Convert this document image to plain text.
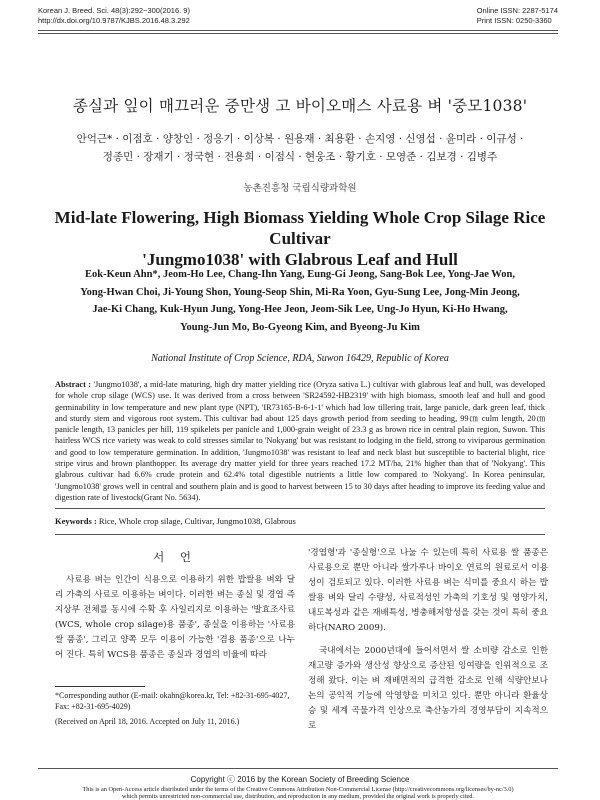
Korean J. Breed. Sci. 48(3):292~300(2016. 9)
http://dx.doi.org/10.9787/KJBS.2016.48.3.292
Online ISSN: 2287-5174
Print ISSN: 0250-3360
종실과 잎이 매끄러운 중만생 고 바이오매스 사료용 벼 '중모1038'
안억근* · 이점호 · 양창인 · 정응기 · 이상복 · 원용재 · 최용환 · 손지영 · 신영섭 · 윤미라 · 이규성 ·
정종민 · 장재기 · 정국현 · 전용희 · 이점식 · 현웅조 · 황기호 · 모영준 · 김보경 · 김병주
농촌진흥청 국립식량과학원
Mid-late Flowering, High Biomass Yielding Whole Crop Silage Rice Cultivar
'Jungmo1038' with Glabrous Leaf and Hull
Eok-Keun Ahn*, Jeom-Ho Lee, Chang-Ihn Yang, Eung-Gi Jeong, Sang-Bok Lee, Yong-Jae Won,
Yong-Hwan Choi, Ji-Young Shon, Young-Seop Shin, Mi-Ra Yoon, Gyu-Sung Lee, Jong-Min Jeong,
Jae-Ki Chang, Kuk-Hyun Jung, Yong-Hee Jeon, Jeom-Sik Lee, Ung-Jo Hyun, Ki-Ho Hwang,
Young-Jun Mo, Bo-Gyeong Kim, and Byeong-Ju Kim
National Institute of Crop Science, RDA, Suwon 16429, Republic of Korea
Abstract : 'Jungmo1038', a mid-late maturing, high dry matter yielding rice (Oryza sativa L.) cultivar with glabrous leaf and hull, was developed for whole crop silage (WCS) use. It was derived from a cross between 'SR24592-HB2319' with high biomass, smooth leaf and hull and good germinability in low temperature and new plant type (NPT), 'IR73165-B-6-1-1' which had low tillering trait, large panicle, dark green leaf, thick and sturdy stem and vigorous root system. This cultivar had about 125 days growth period from seeding to heading, 99㎝ culm length, 20㎝ panicle length, 13 panicles per hill, 119 spikelets per panicle and 1,000-grain weight of 23.3 g as brown rice in central plain region, Suwon. This hairless WCS rice variety was weak to cold stresses similar to 'Nokyang' but was resistant to lodging in the field, strong to viviparous germination and good to low temperature germination. In addition, 'Jungmo1038' was resistant to leaf and neck blast but susceptible to bacterial blight, rice stripe virus and brown planthopper. Its average dry matter yield for three years reached 17.2 MT/ha, 21% higher than that of 'Nokyang'. This glabrous cultivar had 6.6% crude protein and 62.4% total digestible nutrients a little low compared to 'Nokyang'. In Korea peninsular, 'Jungmo1038' grows well in central and southern plain and is good to harvest between 15 to 30 days after heading to improve its feeding value and digestion rate of livestock(Grant No. 5634).
Keywords : Rice, Whole crop silage, Cultivar, Jungmo1038, Glabrous
서 언

사료용 벼는 인간이 식용으로 이용하기 위한 밥쌀용 벼와 달리 가축의 사료로 이용하는 벼이다. 이러한 벼는 종실 및 경엽 즉 지상부 전체를 동시에 수확 후 사일리지로 이용하는 '발효조사료(WCS, whole crop silage)용 품종', 종실을 이용하는 '사료용 쌀 품종', 그리고 양쪽 모두 이용이 가능한 '겸용 품종'으로 나누어 진다. 특히 WCS용 품종은 종실과 경엽의 비율에 따라

'경엽형'과 '종실형'으로 나눌 수 있는데 특히 사료용 쌀 품종은 사료용으로 뿐만 아니라 쌀가루나 바이오 연료의 원료로서 이용성이 검토되고 있다. 이러한 사료용 벼는 식미를 중요시 하는 밥쌀용 벼와 달리 수량성, 사료적성인 가축의 기호성 및 영양가치, 내도복성과 같은 재배특성, 병충해저항성을 갖는 것이 특히 중요하다(NARO 2009).

국내에서는 2000년대에 들어서면서 쌀 소비량 감소로 인한 재고량 증가와 생산성 향상으로 증산된 잉여량을 인위적으로 조정해 왔다. 이는 벼 재배면적의 급격한 감소로 인해 식량안보나 논의 공익적 기능에 악영향을 미치고 있다. 뿐만 아니라 환율상승 및 세계 곡물가격 인상으로 축산농가의 경영부담이 지속적으로

*Corresponding author (E-mail: okahn@korea.kr, Tel: +82-31-695-4027, Fax: +82-31-695-4029)
(Received on April 18, 2016. Accepted on July 11, 2016.)
Copyright ⓒ 2016 by the Korean Society of Breeding Science
This is an Open-Access article distributed under the terms of the Creative Commons Attribution Non-Commercial License (http://creativecommons.org/licenses/by-nc/3.0)
which permits unrestricted non-commercial use, distribution, and reproduction in any medium, provided the original work is properly cited.
